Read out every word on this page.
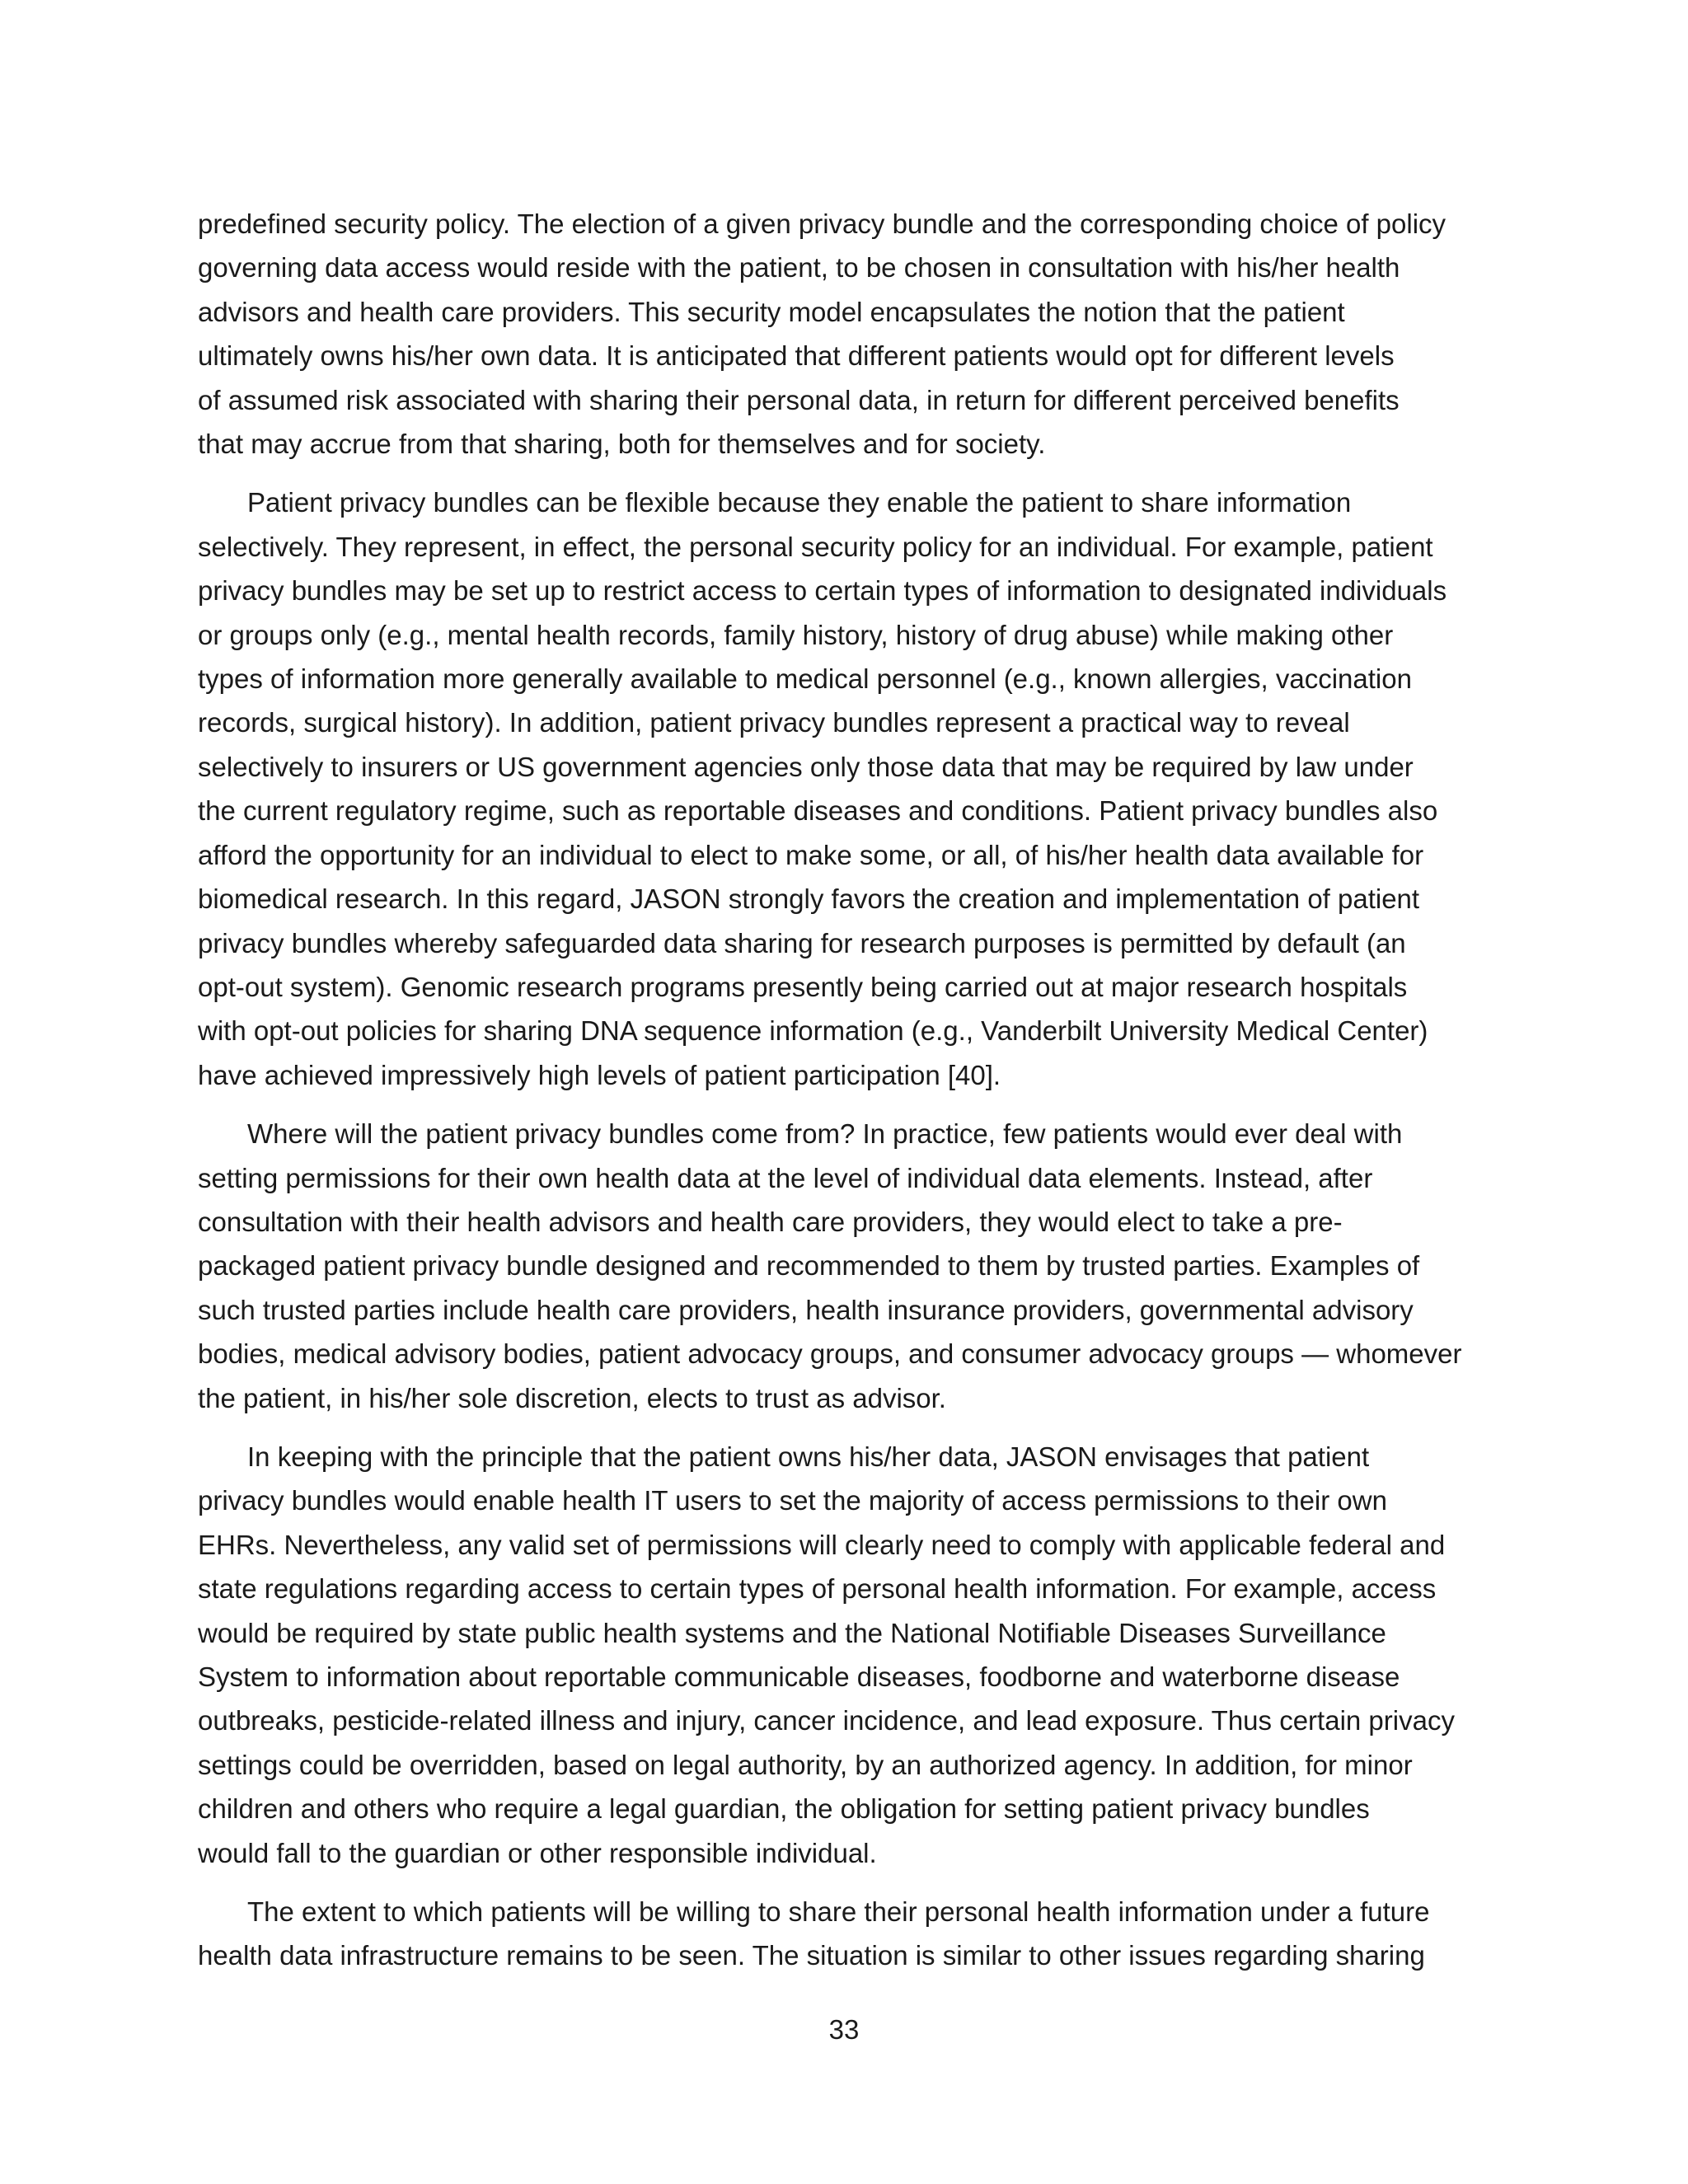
predefined security policy. The election of a given privacy bundle and the corresponding choice of policy
governing data access would reside with the patient, to be chosen in consultation with his/her health
advisors and health care providers. This security model encapsulates the notion that the patient
ultimately owns his/her own data. It is anticipated that different patients would opt for different levels
of assumed risk associated with sharing their personal data, in return for different perceived benefits
that may accrue from that sharing, both for themselves and for society.

Patient privacy bundles can be flexible because they enable the patient to share information
selectively. They represent, in effect, the personal security policy for an individual. For example, patient
privacy bundles may be set up to restrict access to certain types of information to designated individuals
or groups only (e.g., mental health records, family history, history of drug abuse) while making other
types of information more generally available to medical personnel (e.g., known allergies, vaccination
records, surgical history). In addition, patient privacy bundles represent a practical way to reveal
selectively to insurers or US government agencies only those data that may be required by law under
the current regulatory regime, such as reportable diseases and conditions. Patient privacy bundles also
afford the opportunity for an individual to elect to make some, or all, of his/her health data available for
biomedical research. In this regard, JASON strongly favors the creation and implementation of patient
privacy bundles whereby safeguarded data sharing for research purposes is permitted by default (an
opt-out system). Genomic research programs presently being carried out at major research hospitals
with opt-out policies for sharing DNA sequence information (e.g., Vanderbilt University Medical Center)
have achieved impressively high levels of patient participation [40].

Where will the patient privacy bundles come from? In practice, few patients would ever deal with
setting permissions for their own health data at the level of individual data elements. Instead, after
consultation with their health advisors and health care providers, they would elect to take a pre-
packaged patient privacy bundle designed and recommended to them by trusted parties. Examples of
such trusted parties include health care providers, health insurance providers, governmental advisory
bodies, medical advisory bodies, patient advocacy groups, and consumer advocacy groups — whomever
the patient, in his/her sole discretion, elects to trust as advisor.

In keeping with the principle that the patient owns his/her data, JASON envisages that patient
privacy bundles would enable health IT users to set the majority of access permissions to their own
EHRs. Nevertheless, any valid set of permissions will clearly need to comply with applicable federal and
state regulations regarding access to certain types of personal health information. For example, access
would be required by state public health systems and the National Notifiable Diseases Surveillance
System to information about reportable communicable diseases, foodborne and waterborne disease
outbreaks, pesticide-related illness and injury, cancer incidence, and lead exposure. Thus certain privacy
settings could be overridden, based on legal authority, by an authorized agency. In addition, for minor
children and others who require a legal guardian, the obligation for setting patient privacy bundles
would fall to the guardian or other responsible individual.

The extent to which patients will be willing to share their personal health information under a future
health data infrastructure remains to be seen. The situation is similar to other issues regarding sharing

33
